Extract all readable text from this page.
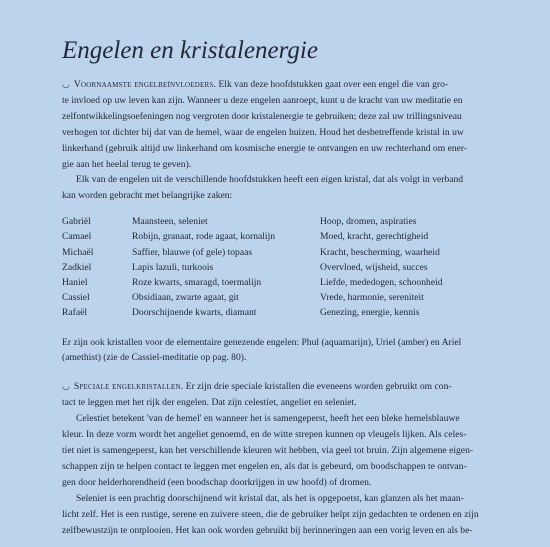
Engelen en kristalenergie

◡ Voornaamste engelbeïnvloeders. Elk van deze hoofdstukken gaat over een engel die van gro-
te invloed op uw leven kan zijn. Wanneer u deze engelen aanroept, kunt u de kracht van uw meditatie en
zelfontwikkelingsoefeningen nog vergroten door kristalenergie te gebruiken; deze zal uw trillingsniveau
verhogen tot dichter bij dat van de hemel, waar de engelen huizen. Houd het desbetreffende kristal in uw
linkerhand (gebruik altijd uw linkerhand om kosmische energie te ontvangen en uw rechterhand om ener-
gie aan het heelal terug te geven).

Elk van de engelen uit de verschillende hoofdstukken heeft een eigen kristal, dat als volgt in verband
kan worden gebracht met belangrijke zaken:

Gabriël	Maansteen, seleniet	Hoop, dromen, aspiraties
Camael	Robijn, granaat, rode agaat, kornalijn	Moed, kracht, gerechtigheid
Michaël	Saffier, blauwe (of gele) topaas	Kracht, bescherming, waarheid
Zadkiel	Lapis lazuli, turkoois	Overvloed, wijsheid, succes
Haniel	Roze kwarts, smaragd, toermalijn	Liefde, mededogen, schoonheid
Cassiel	Obsidiaan, zwarte agaat, git	Vrede, harmonie, sereniteit
Rafaël	Doorschijnende kwarts, diamant	Genezing, energie, kennis

Er zijn ook kristallen voor de elementaire genezende engelen: Phul (aquamarijn), Uriel (amber) en Ariel
(amethist) (zie de Cassiel-meditatie op pag. 80).

◡ Speciale engelkristallen. Er zijn drie speciale kristallen die eveneens worden gebruikt om con-
tact te leggen met het rijk der engelen. Dat zijn celestiet, angeliet en seleniet.

Celestiet betekent 'van de hemel' en wanneer het is samengeperst, heeft het een bleke hemelsblauwe
kleur. In deze vorm wordt het angeliet genoemd, en de witte strepen kunnen op vleugels lijken. Als celes-
tiet niet is samengeperst, kan het verschillende kleuren wit hebben, via geel tot bruin. Zijn algemene eigen-
schappen zijn te helpen contact te leggen met engelen en, als dat is gebeurd, om boodschappen te ontvan-
gen door helderhorendheid (een boodschap doorkrijgen in uw hoofd) of dromen.

Seleniet is een prachtig doorschijnend wit kristal dat, als het is opgepoetst, kan glanzen als het maan-
licht zelf. Het is een rustige, serene en zuivere steen, die de gebruiker helpt zijn gedachten te ordenen en zijn
zelfbewustzijn te ontplooien. Het kan ook worden gebruikt bij herinneringen aan een vorig leven en als be-
